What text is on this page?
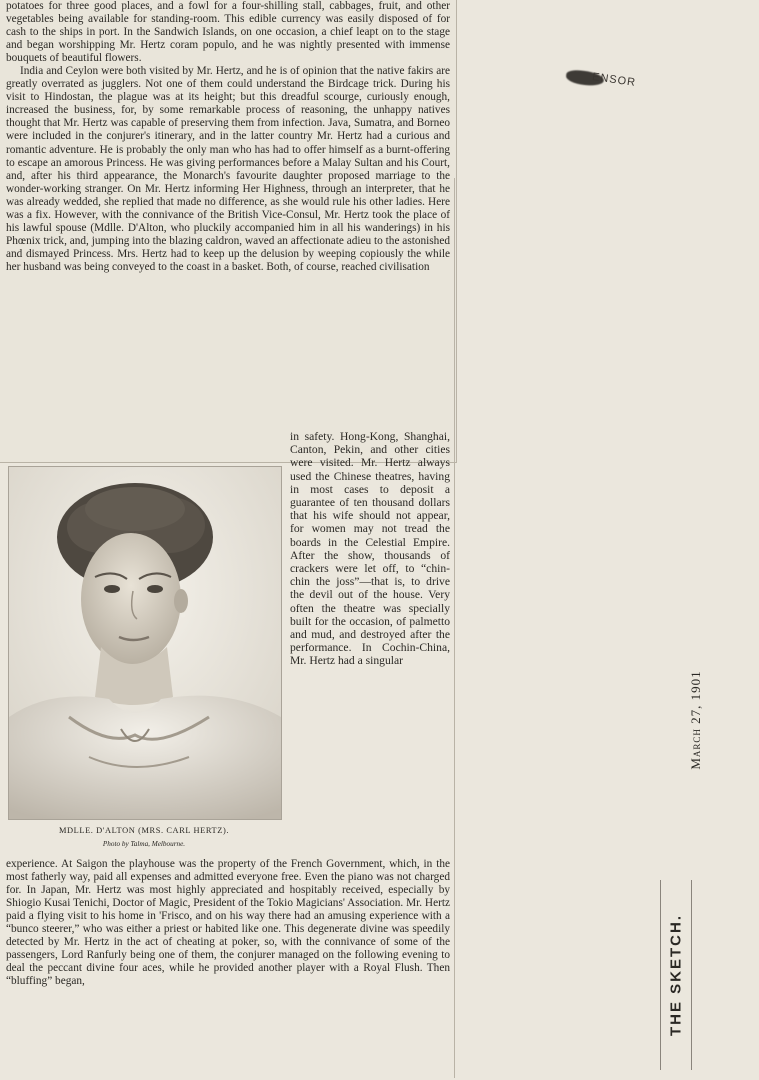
ENSOR

potatoes for three good places, and a fowl for a four-shilling stall, cabbages, fruit, and other vegetables being available for standing-room. This edible currency was easily disposed of for cash to the ships in port. In the Sandwich Islands, on one occasion, a chief leapt on to the stage and began worshipping Mr. Hertz coram populo, and he was nightly presented with immense bouquets of beautiful flowers.

India and Ceylon were both visited by Mr. Hertz, and he is of opinion that the native fakirs are greatly overrated as jugglers. Not one of them could understand the Birdcage trick. During his visit to Hindostan, the plague was at its height; but this dreadful scourge, curiously enough, increased the business, for, by some remarkable process of reasoning, the unhappy natives thought that Mr. Hertz was capable of preserving them from infection. Java, Sumatra, and Borneo were included in the conjurer's itinerary, and in the latter country Mr. Hertz had a curious and romantic adventure. He is probably the only man who has had to offer himself as a burnt-offering to escape an amorous Princess. He was giving performances before a Malay Sultan and his Court, and, after his third appearance, the Monarch's favourite daughter proposed marriage to the wonder-working stranger. On Mr. Hertz informing Her Highness, through an interpreter, that he was already wedded, she replied that made no difference, as she would rule his other ladies. Here was a fix. However, with the connivance of the British Vice-Consul, Mr. Hertz took the place of his lawful spouse (Mdlle. D'Alton, who pluckily accompanied him in all his wanderings) in his Phœnix trick, and, jumping into the blazing caldron, waved an affectionate adieu to the astonished and dismayed Princess. Mrs. Hertz had to keep up the delusion by weeping copiously the while her husband was being conveyed to the coast in a basket. Both, of course, reached civilisation

MDLLE. D'ALTON (MRS. CARL HERTZ).
Photo by Talma, Melbourne.

in safety. Hong-Kong, Shanghai, Canton, Pekin, and other cities were visited. Mr. Hertz always used the Chinese theatres, having in most cases to deposit a guarantee of ten thousand dollars that his wife should not appear, for women may not tread the boards in the Celestial Empire. After the show, thousands of crackers were let off, to “chin-chin the joss”—that is, to drive the devil out of the house. Very often the theatre was specially built for the occasion, of palmetto and mud, and destroyed after the performance. In Cochin-China, Mr. Hertz had a singular

experience. At Saigon the playhouse was the property of the French Government, which, in the most fatherly way, paid all expenses and admitted everyone free. Even the piano was not charged for. In Japan, Mr. Hertz was most highly appreciated and hospitably received, especially by Shiogio Kusai Tenichi, Doctor of Magic, President of the Tokio Magicians' Association. Mr. Hertz paid a flying visit to his home in 'Frisco, and on his way there had an amusing experience with a “bunco steerer,” who was either a priest or habited like one. This degenerate divine was speedily detected by Mr. Hertz in the act of cheating at poker, so, with the connivance of some of the passengers, Lord Ranfurly being one of them, the conjurer managed on the following evening to deal the peccant divine four aces, while he provided another player with a Royal Flush. Then “bluffing” began,

March 27, 1901
THE SKETCH.
